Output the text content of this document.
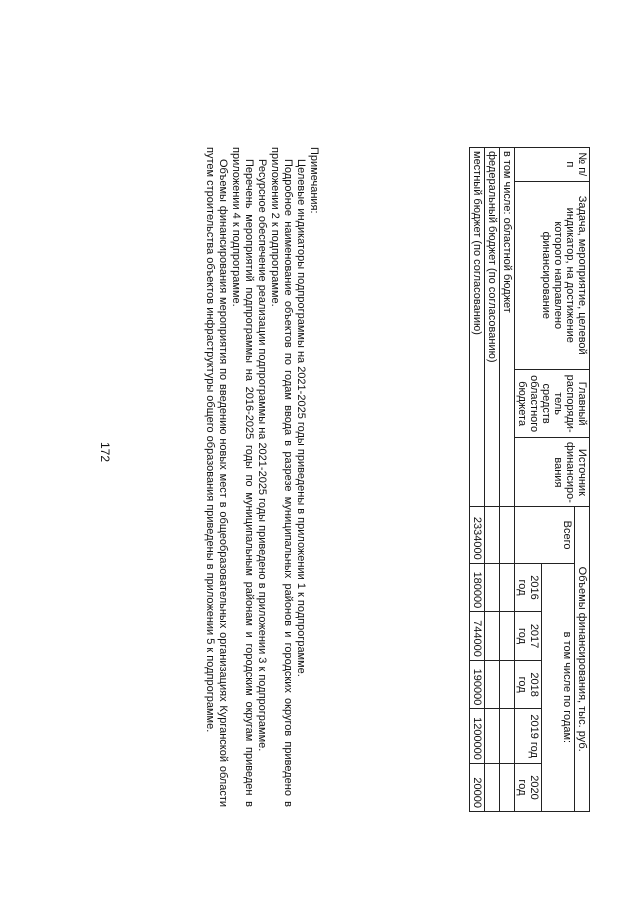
172
№ п/п	Задача, мероприятие, целевой индикатор, на достижение которого направлено финансирование	Главный распоряди-тель средств областного бюджета	Источник финансиро-вания	Объемы финансирования, тыс. руб.					
				Всего	в том числе по годам:				
					2016 год	2017 год	2018 год	2019 год	2020 год
в том числе: областной бюджет									
федеральный бюджет (по согласованию)									
местный бюджет (по согласованию)				2334000	180000	744000	190000	1200000	20000

Примечания:

Целевые индикаторы подпрограммы на 2021-2025 годы приведены в приложении 1 к подпрограмме.

Подробное наименование объектов по годам ввода в разрезе муниципальных районов и городских округов приведено в приложении 2 к подпрограмме.

Ресурсное обеспечение реализации подпрограммы на 2021-2025 годы приведено в приложении 3 к подпрограмме.

Перечень мероприятий подпрограммы на 2016-2025 годы по муниципальным районам и городским округам приведен в приложении 4 к подпрограмме.

Объемы финансирования мероприятия по введению новых мест в общеобразовательных организациях Курганской области путем строительства объектов инфраструктуры общего образования приведены в приложении 5 к подпрограмме.
